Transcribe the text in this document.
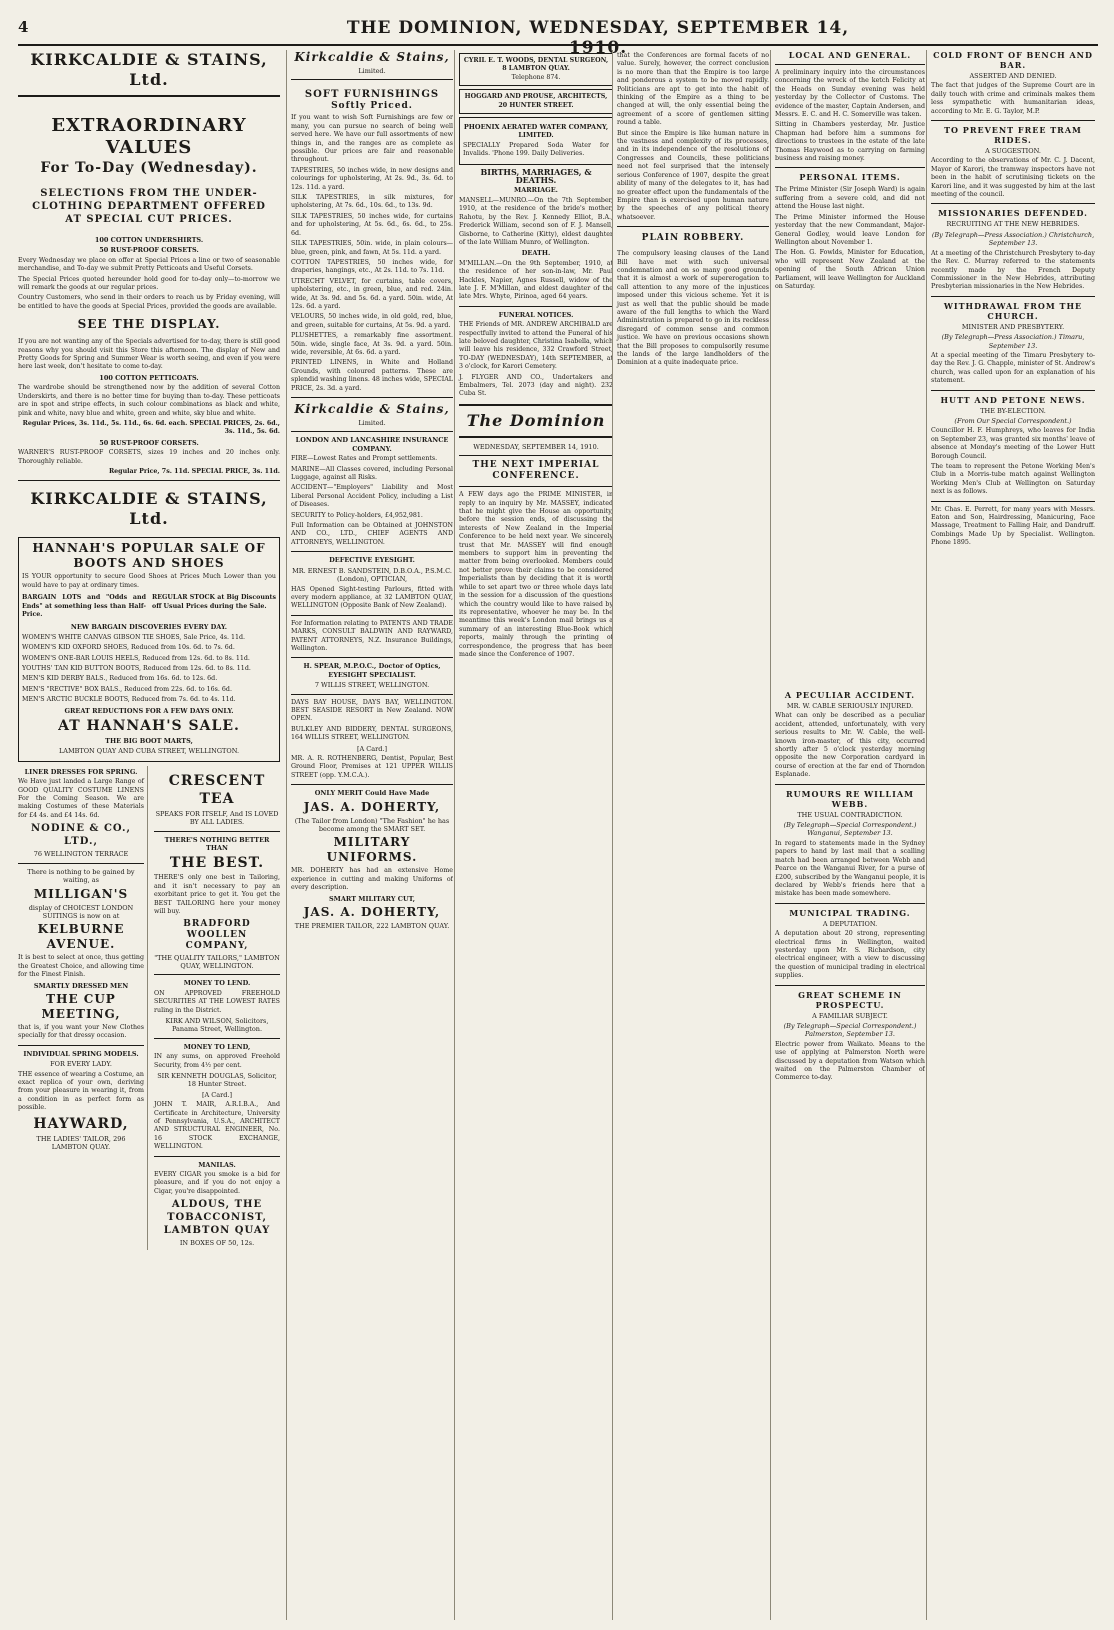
4	THE DOMINION, WEDNESDAY, SEPTEMBER 14, 1910.
KIRKCALDIE & STAINS, Ltd.
EXTRAORDINARY VALUES
For To-Day (Wednesday).
SELECTIONS FROM THE UNDER-CLOTHING DEPARTMENT OFFERED AT SPECIAL CUT PRICES.
100 COTTON UNDERSHIRTS.
50 RUST-PROOF CORSETS.
Every Wednesday we place on offer at Special Prices a line or two of seasonable merchandise, and To-day we submit Pretty Petticoats and Useful Corsets.
The Special Prices quoted hereunder hold good for to-day only—to-morrow we will remark the goods at our regular prices.
Country Customers, who send in their orders to reach us by Friday evening, will be entitled to have the goods at Special Prices, provided the goods are available.
SEE THE DISPLAY.
If you are not wanting any of the Specials advertised for to-day, there is still good reasons why you should visit this Store this afternoon. The display of New and Pretty Goods for Spring and Summer Wear is worth seeing, and even if you were here last week, don't hesitate to come to-day.
100 COTTON PETTICOATS.
The wardrobe should be strengthened now by the addition of several Cotton Underskirts, and there is no better time for buying than to-day. These petticoats are in spot and stripe effects, in such colour combinations as black and white, pink and white, navy blue and white, green and white, sky blue and white.
Regular Prices, 3s. 11d., 5s. 11d., 6s. 6d. each. SPECIAL PRICES, 2s. 6d., 3s. 11d., 5s. 6d.
50 RUST-PROOF CORSETS.
WARNER'S RUST-PROOF CORSETS, sizes 19 inches and 20 inches only. Thoroughly reliable.
Regular Price, 7s. 11d. SPECIAL PRICE, 3s. 11d.
KIRKCALDIE & STAINS, Ltd.
HANNAH'S POPULAR SALE OF BOOTS AND SHOES
IS YOUR opportunity to secure Good Shoes at Prices Much Lower than you would have to pay at ordinary times.
BARGAIN LOTS and "Odds and Ends" at something less than Half-Price.
REGULAR STOCK at Big Discounts off Usual Prices during the Sale.
NEW BARGAIN DISCOVERIES EVERY DAY.
WOMEN'S WHITE CANVAS GIBSON TIE SHOES, Sale Price, 4s. 11d.
WOMEN'S KID OXFORD SHOES, Reduced from 10s. 6d. to 7s. 6d.
WOMEN'S ONE-BAR LOUIS HEELS, Reduced from 12s. 6d. to 8s. 11d.
YOUTHS' TAN KID BUTTON BOOTS, Reduced from 12s. 6d. to 8s. 11d.
MEN'S KID DERBY BALS., Reduced from 16s. 6d. to 12s. 6d.
MEN'S "RECTIVE" BOX BALS., Reduced from 22s. 6d. to 16s. 6d.
MEN'S ARCTIC BUCKLE BOOTS, Reduced from 7s. 6d. to 4s. 11d.
GREAT REDUCTIONS FOR A FEW DAYS ONLY.
AT HANNAH'S SALE.
THE BIG BOOT MARTS,
LAMBTON QUAY AND CUBA STREET, WELLINGTON.
LINER DRESSES FOR SPRING.
We Have just landed a Large Range of GOOD QUALITY COSTUME LINENS For the Coming Season. We are making Costumes of these Materials for £4 4s. and £4 14s. 6d.
NODINE & CO., LTD.,
76 WELLINGTON TERRACE
There is nothing to be gained by waiting, as
MILLIGAN'S
display of CHOICEST LONDON SUITINGS is now on at
KELBURNE AVENUE.
It is best to select at once, thus getting the Greatest Choice, and allowing time for the Finest Finish.
SMARTLY DRESSED MEN
THE CUP MEETING,
that is, if you want your New Clothes specially for that dressy occasion.
INDIVIDUAL SPRING MODELS.
FOR EVERY LADY.
THE essence of wearing a Costume, an exact replica of your own, deriving from your pleasure in wearing it, from a condition in as perfect form as possible.
HAYWARD,
THE LADIES' TAILOR, 296 LAMBTON QUAY.
CRESCENT TEA
SPEAKS FOR ITSELF, And IS LOVED BY ALL LADIES.
THERE'S NOTHING BETTER THAN
THE BEST.
THERE'S only one best in Tailoring, and it isn't necessary to pay an exorbitant price to get it. You get the BEST TAILORING here your money will buy.
BRADFORD WOOLLEN COMPANY,
"THE QUALITY TAILORS," LAMBTON QUAY, WELLINGTON.
MONEY TO LEND.
ON APPROVED FREEHOLD SECURITIES AT THE LOWEST RATES ruling in the District.
KIRK AND WILSON, Solicitors, Panama Street, Wellington.
MONEY TO LEND,
IN any sums, on approved Freehold Security, from 4½ per cent.
SIR KENNETH DOUGLAS, Solicitor, 18 Hunter Street.
[A Card.]
JOHN T. MAIR, A.R.I.B.A., And Certificate in Architecture, University of Pennsylvania, U.S.A., ARCHITECT AND STRUCTURAL ENGINEER, No. 16 STOCK EXCHANGE, WELLINGTON.
MANILAS.
EVERY CIGAR you smoke is a bid for pleasure, and if you do not enjoy a Cigar, you're disappointed.
ALDOUS, THE TOBACCONIST, LAMBTON QUAY
IN BOXES OF 50, 12s.
Kirkcaldie & Stains,
Limited.
SOFT FURNISHINGS
Softly Priced.
If you want to wish Soft Furnishings are few or many, you can pursue no search of being well served here. We have our full assortments of new things in, and the ranges are as complete as possible. Our prices are fair and reasonable throughout.
TAPESTRIES, 50 inches wide, in new designs and colourings for upholstering, At 2s. 9d., 3s. 6d. to 12s. 11d. a yard.
SILK TAPESTRIES, in silk mixtures, for upholstering, At 7s. 6d., 10s. 6d., to 13s. 9d.
SILK TAPESTRIES, 50 inches wide, for curtains and for upholstering, At 5s. 6d., 6s. 6d., to 25s. 6d.
SILK TAPESTRIES, 50in. wide, in plain colours—blue, green, pink, and fawn, At 5s. 11d. a yard.
COTTON TAPESTRIES, 50 inches wide, for draperies, hangings, etc., At 2s. 11d. to 7s. 11d.
UTRECHT VELVET, for curtains, table covers, upholstering, etc., in green, blue, and red. 24in. wide, At 3s. 9d. and 5s. 6d. a yard. 50in. wide, At 12s. 6d. a yard.
VELOURS, 50 inches wide, in old gold, red, blue, and green, suitable for curtains, At 5s. 9d. a yard.
PLUSHETTES, a remarkably fine assortment. 50in. wide, single face, At 3s. 9d. a yard. 50in. wide, reversible, At 6s. 6d. a yard.
PRINTED LINENS, in White and Holland Grounds, with coloured patterns. These are splendid washing linens. 48 inches wide, SPECIAL PRICE, 2s. 3d. a yard.
Kirkcaldie & Stains,
Limited.
LONDON AND LANCASHIRE INSURANCE COMPANY.
FIRE—Lowest Rates and Prompt settlements.
MARINE—All Classes covered, including Personal Luggage, against all Risks.
ACCIDENT—"Employers" Liability and Most Liberal Personal Accident Policy, including a List of Diseases.
SECURITY to Policy-holders, £4,952,981.
Full Information can be Obtained at JOHNSTON AND CO., LTD., CHIEF AGENTS AND ATTORNEYS, WELLINGTON.
DEFECTIVE EYESIGHT.
MR. ERNEST B. SANDSTEIN, D.B.O.A., P.S.M.C. (London), OPTICIAN,
HAS Opened Sight-testing Parlours, fitted with every modern appliance, at 32 LAMBTON QUAY, WELLINGTON (Opposite Bank of New Zealand).
For Information relating to PATENTS AND TRADE MARKS, CONSULT BALDWIN AND RAYWARD, PATENT ATTORNEYS, N.Z. Insurance Buildings, Wellington.
H. SPEAR, M.P.O.C., Doctor of Optics, EYESIGHT SPECIALIST.
7 WILLIS STREET, WELLINGTON.
DAYS BAY HOUSE, DAYS BAY, WELLINGTON. BEST SEASIDE RESORT in New Zealand. NOW OPEN.
BULKLEY AND BIDDERY, DENTAL SURGEONS, 164 WILLIS STREET, WELLINGTON.
[A Card.]
MR. A. R. ROTHENBERG, Dentist, Popular, Best Ground Floor, Premises at 121 UPPER WILLIS STREET (opp. Y.M.C.A.).
ONLY MERIT Could Have Made
JAS. A. DOHERTY,
(The Tailor from London) "The Fashion" he has become among the SMART SET.
MILITARY UNIFORMS.
MR. DOHERTY has had an extensive Home experience in cutting and making Uniforms of every description.
SMART MILITARY CUT,
JAS. A. DOHERTY,
THE PREMIER TAILOR, 222 LAMBTON QUAY.
CYRIL E. T. WOODS, DENTAL SURGEON, 8 LAMBTON QUAY.
Telephone 874.
HOGGARD AND PROUSE, ARCHITECTS, 20 HUNTER STREET.
PHOENIX AERATED WATER COMPANY, LIMITED.
SPECIALLY Prepared Soda Water for Invalids. 'Phone 199. Daily Deliveries.
BIRTHS, MARRIAGES, & DEATHS.
MARRIAGE.
MANSELL—MUNRO.—On the 7th September, 1910, at the residence of the bride's mother, Rahotu, by the Rev. J. Kennedy Elliot, B.A., Frederick William, second son of F. J. Mansell, Gisborne, to Catherine (Kitty), eldest daughter of the late William Munro, of Wellington.
DEATH.
M'MILLAN.—On the 9th September, 1910, at the residence of her son-in-law, Mr. Paul Hackles, Napier, Agnes Russell, widow of the late J. F. M'Millan, and eldest daughter of the late Mrs. Whyte, Pirinoa, aged 64 years.
FUNERAL NOTICES.
THE Friends of MR. ANDREW ARCHIBALD are respectfully invited to attend the Funeral of his late beloved daughter, Christina Isabella, which will leave his residence, 332 Crawford Street, TO-DAY (WEDNESDAY), 14th SEPTEMBER, at 3 o'clock, for Karori Cemetery.
J. FLYGER AND CO., Undertakers and Embalmers, Tel. 2073 (day and night). 232 Cuba St.
The Dominion
WEDNESDAY, SEPTEMBER 14, 1910.
THE NEXT IMPERIAL CONFERENCE.
A FEW days ago the PRIME MINISTER, in reply to an inquiry by Mr. MASSEY, indicated that he might give the House an opportunity, before the session ends, of discussing the interests of New Zealand in the Imperial Conference to be held next year. We sincerely trust that Mr. MASSEY will find enough members to support him in preventing the matter from being overlooked. Members could not better prove their claims to be considered Imperialists than by deciding that it is worth while to set apart two or three whole days late in the session for a discussion of the questions which the country would like to have raised by its representative, whoever he may be. In the meantime this week's London mail brings us a summary of an interesting Blue-Book which reports, mainly through the printing of correspondence, the progress that has been made since the Conference of 1907.
that the Conferences are formal facets of no value. Surely, however, the correct conclusion is no more than that the Empire is too large and ponderous a system to be moved rapidly. Politicians are apt to get into the habit of thinking of the Empire as a thing to be changed at will, the only essential being the agreement of a score of gentlemen sitting round a table.
But since the Empire is like human nature in the vastness and complexity of its processes, and in its independence of the resolutions of Congresses and Councils, these politicians need not feel surprised that the intensely serious Conference of 1907, despite the great ability of many of the delegates to it, has had no greater effect upon the fundamentals of the Empire than is exercised upon human nature by the speeches of any political theory whatsoever.
PLAIN ROBBERY.
The compulsory leasing clauses of the Land Bill have met with such universal condemnation and on so many good grounds that it is almost a work of supererogation to call attention to any more of the injustices imposed under this vicious scheme. Yet it is just as well that the public should be made aware of the full lengths to which the Ward Administration is prepared to go in its reckless disregard of common sense and common justice. We have on previous occasions shown that the Bill proposes to compulsorily resume the lands of the large landholders of the Dominion at a quite inadequate price.
LOCAL AND GENERAL.
A preliminary inquiry into the circumstances concerning the wreck of the ketch Felicity at the Heads on Sunday evening was held yesterday by the Collector of Customs. The evidence of the master, Captain Andersen, and Messrs. E. C. and H. C. Somerville was taken.
Sitting in Chambers yesterday, Mr. Justice Chapman had before him a summons for directions to trustees in the estate of the late Thomas Haywood as to carrying on farming business and raising money.
PERSONAL ITEMS.
The Prime Minister (Sir Joseph Ward) is again suffering from a severe cold, and did not attend the House last night.
The Prime Minister informed the House yesterday that the new Commandant, Major-General Godley, would leave London for Wellington about November 1.
The Hon. G. Fowlds, Minister for Education, who will represent New Zealand at the opening of the South African Union Parliament, will leave Wellington for Auckland on Saturday.
COLD FRONT OF BENCH AND BAR.
ASSERTED AND DENIED.
The fact that judges of the Supreme Court are in daily touch with crime and criminals makes them less sympathetic with humanitarian ideas, according to Mr. E. G. Taylor, M.P.
TO PREVENT FREE TRAM RIDES.
A SUGGESTION.
According to the observations of Mr. C. J. Dacent, Mayor of Karori, the tramway inspectors have not been in the habit of scrutinising tickets on the Karori line, and it was suggested by him at the last meeting of the council.
MISSIONARIES DEFENDED.
RECRUITING AT THE NEW HEBRIDES.
(By Telegraph—Press Association.) Christchurch, September 13.
At a meeting of the Christchurch Presbytery to-day the Rev. C. Murray referred to the statements recently made by the French Deputy Commissioner in the New Hebrides, attributing Presbyterian missionaries in the New Hebrides.
WITHDRAWAL FROM THE CHURCH.
MINISTER AND PRESBYTERY.
(By Telegraph—Press Association.) Timaru, September 13.
At a special meeting of the Timaru Presbytery to-day the Rev. J. G. Chapple, minister of St. Andrew's church, was called upon for an explanation of his statement.
HUTT AND PETONE NEWS.
THE BY-ELECTION.
(From Our Special Correspondent.)
Councillor H. F. Humphreys, who leaves for India on September 23, was granted six months' leave of absence at Monday's meeting of the Lower Hutt Borough Council.
The team to represent the Petone Working Men's Club in a Morris-tube match against Wellington Working Men's Club at Wellington on Saturday next is as follows.
Mr. Chas. E. Perrett, for many years with Messrs. Eaton and Son, Hairdressing, Manicuring, Face Massage, Treatment to Falling Hair, and Dandruff. Combings Made Up by Specialist. Wellington. Phone 1895.
A PECULIAR ACCIDENT.
MR. W. CABLE SERIOUSLY INJURED.
What can only be described as a peculiar accident, attended, unfortunately, with very serious results to Mr. W. Cable, the well-known iron-master, of this city, occurred shortly after 5 o'clock yesterday morning opposite the new Corporation cardyard in course of erection at the far end of Thorndon Esplanade.
RUMOURS RE WILLIAM WEBB.
THE USUAL CONTRADICTION.
(By Telegraph—Special Correspondent.) Wanganui, September 13.
In regard to statements made in the Sydney papers to hand by last mail that a scalling match had been arranged between Webb and Pearce on the Wanganui River, for a purse of £200, subscribed by the Wanganui people, it is declared by Webb's friends here that a mistake has been made somewhere.
MUNICIPAL TRADING.
A DEPUTATION.
A deputation about 20 strong, representing electrical firms in Wellington, waited yesterday upon Mr. S. Richardson, city electrical engineer, with a view to discussing the question of municipal trading in electrical supplies.
GREAT SCHEME IN PROSPECTU.
A FAMILIAR SUBJECT.
(By Telegraph—Special Correspondent.) Palmerston, September 13.
Electric power from Waikato. Means to the use of applying at Palmerston North were discussed by a deputation from Watson which waited on the Palmerston Chamber of Commerce to-day.
